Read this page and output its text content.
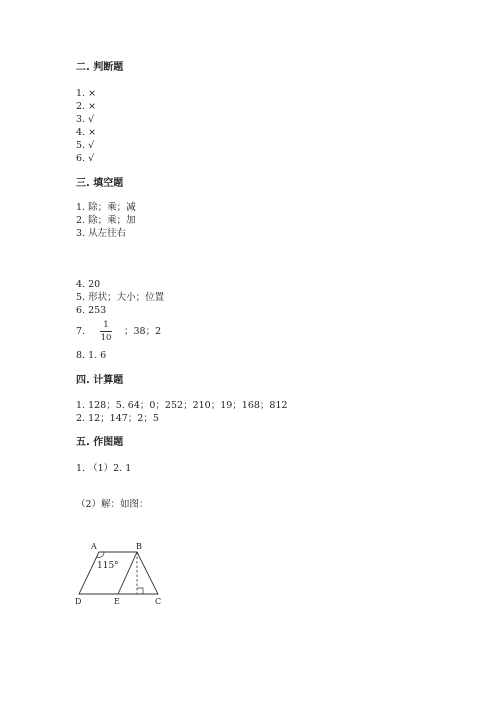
二. 判断题
1. ×
2. ×
3. √
4. ×
5. √
6. √
三. 填空题
1. 除；乘；减
2. 除；乘；加
3. 从左往右
4. 20
5. 形状；大小；位置
6. 253
7.
1
10
；38；2
8. 1. 6
四. 计算题
1. 128；5. 64；0；252；210；19；168；812
2. 12；147；2；5
五. 作图题
1. （1）2. 1
（2）解：如图：
115°
A	B
D	E	C
